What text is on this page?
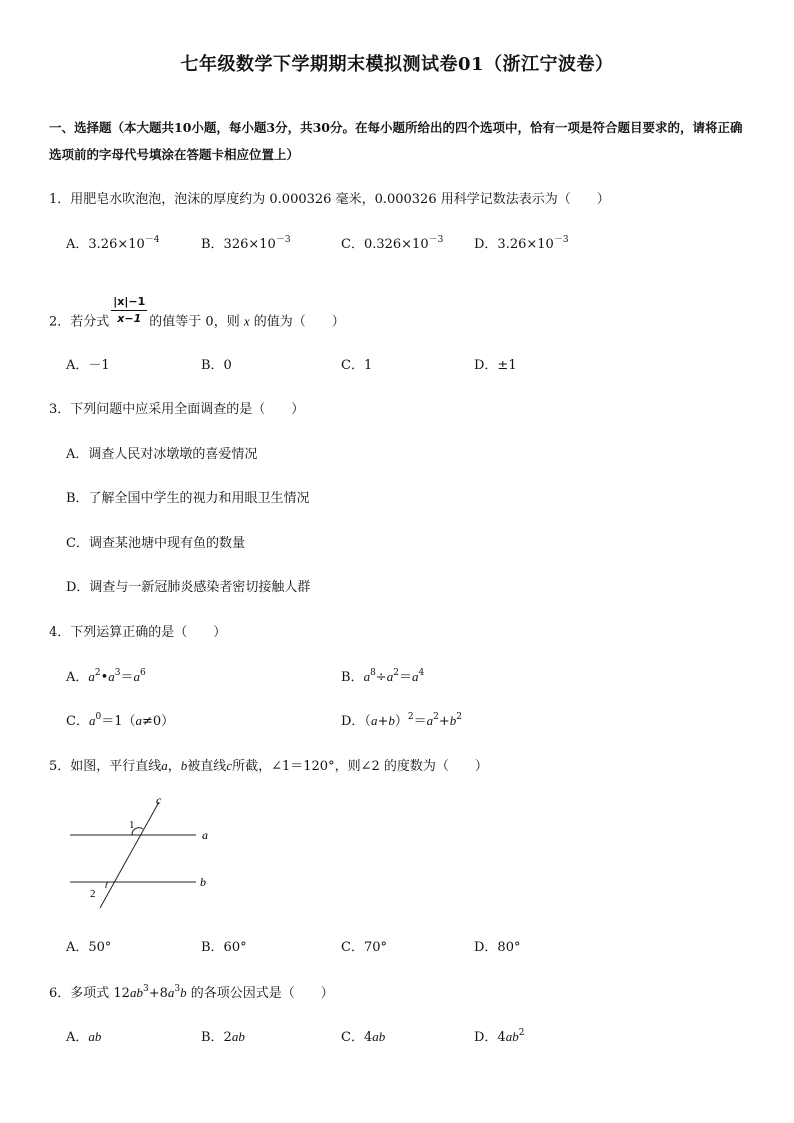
七年级数学下学期期末模拟测试卷01（浙江宁波卷）
一、选择题（本大题共10小题，每小题3分，共30分。在每小题所给出的四个选项中，恰有一项是符合题目要求的，请将正确选项前的字母代号填涂在答题卡相应位置上）
1．用肥皂水吹泡泡，泡沫的厚度约为 0.000326 毫米，0.000326 用科学记数法表示为（　　）
A．$3.26\times 10^{-4}$	B．$326\times 10^{-3}$	C．$0.326\times 10^{-3}$ D．$3.26\times 10^{-3}$
2．若分式 $\frac{|x|-1}{x-1}$ 的值等于 0，则 x 的值为（　　）
A．－1	B．0	C．1	D．±1
3．下列问题中应采用全面调查的是（　　）
A．调查人民对冰墩墩的喜爱情况
B．了解全国中学生的视力和用眼卫生情况
C．调查某池塘中现有鱼的数量
D．调查与一新冠肺炎感染者密切接触人群
4．下列运算正确的是（　　）
A．$a^2•a^3=a^6$	B．$a^8\div a^2=a^4$
C．$a^0=1(a\ne 0)$	D．$(a+b)^2=a^2+b^2$
5．如图，平行直线a，b被直线c所截，∠1＝120°，则∠2 的度数为（　　）
c
a
b
1
2
A．50°	B．60°	C．70°	D．80°
6．多项式 $12ab^3+8a^3b$ 的各项公因式是（　　）
A．ab	B．2ab	C．4ab	D．$4ab^2$
